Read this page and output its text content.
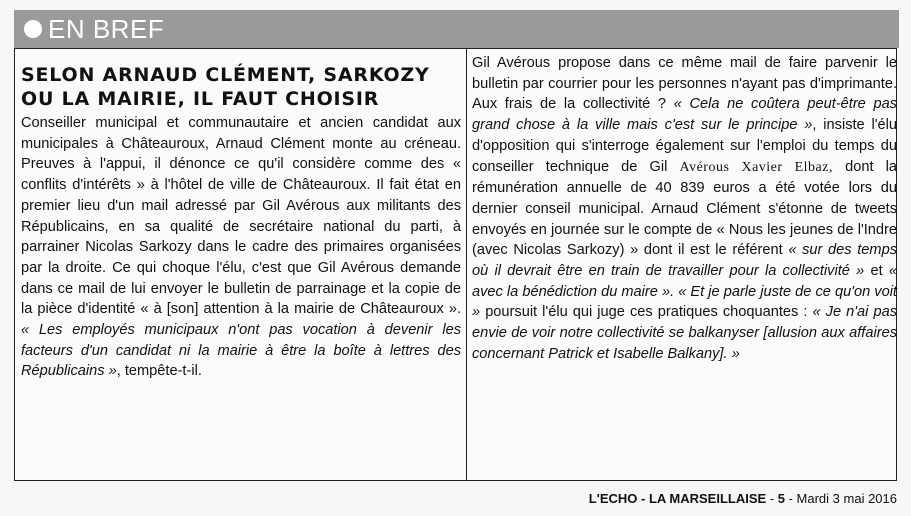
EN BREF
SELON ARNAUD CLÉMENT, SARKOZY
OU LA MAIRIE, IL FAUT CHOISIR

Conseiller municipal et communautaire et ancien candidat aux municipales à Châteauroux, Arnaud Clément monte au créneau. Preuves à l'appui, il dénonce ce qu'il considère comme des « conflits d'intérêts » à l'hôtel de ville de Châteauroux. Il fait état en premier lieu d'un mail adressé par Gil Avérous aux militants des Républicains, en sa qualité de secrétaire national du parti, à parrainer Nicolas Sarkozy dans le cadre des primaires organisées par la droite. Ce qui choque l'élu, c'est que Gil Avérous demande dans ce mail de lui envoyer le bulletin de parrainage et la copie de la pièce d'identité « à [son] attention à la mairie de Châteauroux ». « Les employés municipaux n'ont pas vocation à devenir les facteurs d'un candidat ni la mairie à être la boîte à lettres des Républicains », tempête-t-il.

Gil Avérous propose dans ce même mail de faire parvenir le bulletin par courrier pour les personnes n'ayant pas d'imprimante. Aux frais de la collectivité ? « Cela ne coûtera peut-être pas grand chose à la ville mais c'est sur le principe », insiste l'élu d'opposition qui s'interroge également sur l'emploi du temps du conseiller technique de Gil Avérous Xavier Elbaz, dont la rémunération annuelle de 40 839 euros a été votée lors du dernier conseil municipal. Arnaud Clément s'étonne de tweets envoyés en journée sur le compte de « Nous les jeunes de l'Indre (avec Nicolas Sarkozy) » dont il est le référent « sur des temps où il devrait être en train de travailler pour la collectivité » et « avec la bénédiction du maire ». « Et je parle juste de ce qu'on voit » poursuit l'élu qui juge ces pratiques choquantes : « Je n'ai pas envie de voir notre collectivité se balkanyser [allusion aux affaires concernant Patrick et Isabelle Balkany]. »

L'ECHO - LA MARSEILLAISE - 5 - Mardi 3 mai 2016
